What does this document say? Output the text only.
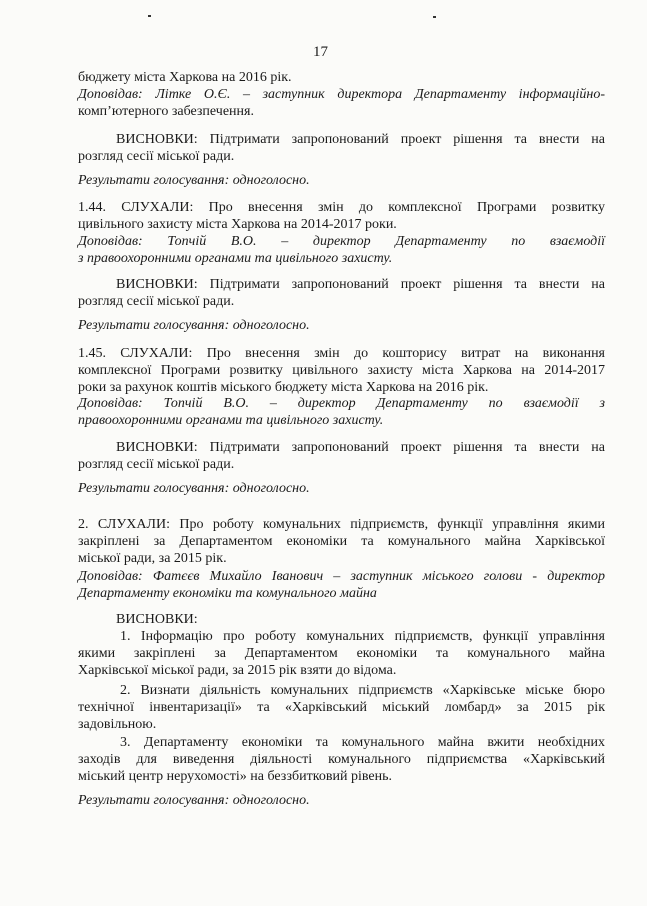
17
бюджету міста Харкова на 2016 рік.
Доповідав: Літке О.Є. – заступник директора Департаменту інформаційно-
комп’ютерного забезпечення.
ВИСНОВКИ: Підтримати запропонований проект рішення та внести на
розгляд сесії міської ради.
Результати голосування: одноголосно.
1.44. СЛУХАЛИ: Про внесення змін до комплексної Програми розвитку
цивільного захисту міста Харкова на 2014-2017 роки.
Доповідав: Топчій В.О. – директор Департаменту по взаємодії
з правоохоронними органами та цивільного захисту.
ВИСНОВКИ: Підтримати запропонований проект рішення та внести на
розгляд сесії міської ради.
Результати голосування: одноголосно.
1.45. СЛУХАЛИ: Про внесення змін до кошторису витрат на виконання
комплексної Програми розвитку цивільного захисту міста Харкова на 2014-2017
роки за рахунок коштів міського бюджету міста Харкова на 2016 рік.
Доповідав: Топчій В.О. – директор Департаменту по взаємодії з
правоохоронними органами та цивільного захисту.
ВИСНОВКИ: Підтримати запропонований проект рішення та внести на
розгляд сесії міської ради.
Результати голосування: одноголосно.
2. СЛУХАЛИ: Про роботу комунальних підприємств, функції управління якими
закріплені за Департаментом економіки та комунального майна Харківської
міської ради, за 2015 рік.
Доповідав: Фатєєв Михайло Іванович – заступник міського голови - директор
Департаменту економіки та комунального майна
ВИСНОВКИ:
1. Інформацію про роботу комунальних підприємств, функції управління
якими закріплені за Департаментом економіки та комунального майна
Харківської міської ради, за 2015 рік взяти до відома.
2. Визнати діяльність комунальних підприємств «Харківське міське бюро
технічної інвентаризації» та «Харківський міський ломбард» за 2015 рік
задовільною.
3. Департаменту економіки та комунального майна вжити необхідних
заходів для виведення діяльності комунального підприємства «Харківський
міський центр нерухомості» на беззбитковий рівень.
Результати голосування: одноголосно.
